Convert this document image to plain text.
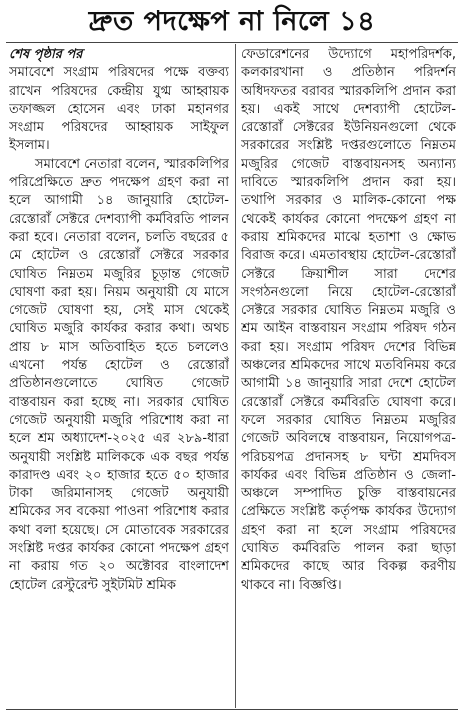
দ্রুত পদক্ষেপ না নিলে ১৪
শেষ পৃষ্ঠার পর

সমাবেশে সংগ্রাম পরিষদের পক্ষে বক্তব্য রাখেন পরিষদের কেন্দ্রীয় যুগ্ম আহ্বায়ক তফাজ্জল হোসেন এবং ঢাকা মহানগর সংগ্রাম পরিষদের আহ্বায়ক সাইফুল ইসলাম।

সমাবেশে নেতারা বলেন, স্মারকলিপির পরিপ্রেক্ষিতে দ্রুত পদক্ষেপ গ্রহণ করা না হলে আগামী ১৪ জানুয়ারি হোটেল-রেস্তোরাঁ সেক্টরে দেশব্যাপী কর্মবিরতি পালন করা হবে। নেতারা বলেন, চলতি বছরের ৫ মে হোটেল ও রেস্তোরাঁ সেক্টরে সরকার ঘোষিত নিম্নতম মজুরির চূড়ান্ত গেজেট ঘোষণা করা হয়। নিয়ম অনুযায়ী যে মাসে গেজেট ঘোষণা হয়, সেই মাস থেকেই ঘোষিত মজুরি কার্যকর করার কথা। অথচ প্রায় ৮ মাস অতিবাহিত হতে চললেও এখনো পর্যন্ত হোটেল ও রেস্তোরাঁ প্রতিষ্ঠানগুলোতে ঘোষিত গেজেট বাস্তবায়ন করা হচ্ছে না। সরকার ঘোষিত গেজেট অনুযায়ী মজুরি পরিশোধ করা না হলে শ্রম অধ্যাদেশ-২০২৫ এর ২৮৯-ধারা অনুযায়ী সংশ্লিষ্ট মালিককে এক বছর পর্যন্ত কারাদণ্ড এবং ২০ হাজার হতে ৫০ হাজার টাকা জরিমানাসহ গেজেট অনুযায়ী শ্রমিকের সব বকেয়া পাওনা পরিশোধ করার কথা বলা হয়েছে। সে মোতাবেক সরকারের সংশ্লিষ্ট দপ্তর কার্যকর কোনো পদক্ষেপ গ্রহণ না করায় গত ২০ অক্টোবর বাংলাদেশ হোটেল রেস্টুরেন্ট সুইটমিট শ্রমিক

ফেডারেশনের উদ্যোগে মহাপরিদর্শক, কলকারখানা ও প্রতিষ্ঠান পরিদর্শন অধিদফতর বরাবর স্মারকলিপি প্রদান করা হয়। একই সাথে দেশব্যাপী হোটেল-রেস্তোরাঁ সেক্টরের ইউনিয়নগুলো থেকে সরকারের সংশ্লিষ্ট দপ্তরগুলোতে নিম্নতম মজুরির গেজেট বাস্তবায়নসহ অন্যান্য দাবিতে স্মারকলিপি প্রদান করা হয়। তথাপি সরকার ও মালিক-কোনো পক্ষ থেকেই কার্যকর কোনো পদক্ষেপ গ্রহণ না করায় শ্রমিকদের মাঝে হতাশা ও ক্ষোভ বিরাজ করে। এমতাবস্থায় হোটেল-রেস্তোরাঁ সেক্টরে ক্রিয়াশীল সারা দেশের সংগঠনগুলো নিয়ে হোটেল-রেস্তোরাঁ সেক্টরে সরকার ঘোষিত নিম্নতম মজুরি ও শ্রম আইন বাস্তবায়ন সংগ্রাম পরিষদ গঠন করা হয়। সংগ্রাম পরিষদ দেশের বিভিন্ন অঞ্চলের শ্রমিকদের সাথে মতবিনিময় করে আগামী ১৪ জানুয়ারি সারা দেশে হোটেল রেস্তোরাঁ সেক্টরে কর্মবিরতি ঘোষণা করে। ফলে সরকার ঘোষিত নিম্নতম মজুরির গেজেট অবিলম্বে বাস্তবায়ন, নিয়োগপত্র-পরিচয়পত্র প্রদানসহ ৮ ঘন্টা শ্রমদিবস কার্যকর এবং বিভিন্ন প্রতিষ্ঠান ও জেলা-অঞ্চলে সম্পাদিত চুক্তি বাস্তবায়নের প্রেক্ষিতে সংশ্লিষ্ট কর্তৃপক্ষ কার্যকর উদ্যোগ গ্রহণ করা না হলে সংগ্রাম পরিষদের ঘোষিত কর্মবিরতি পালন করা ছাড়া শ্রমিকদের কাছে আর বিকল্প করণীয় থাকবে না। বিজ্ঞপ্তি।
